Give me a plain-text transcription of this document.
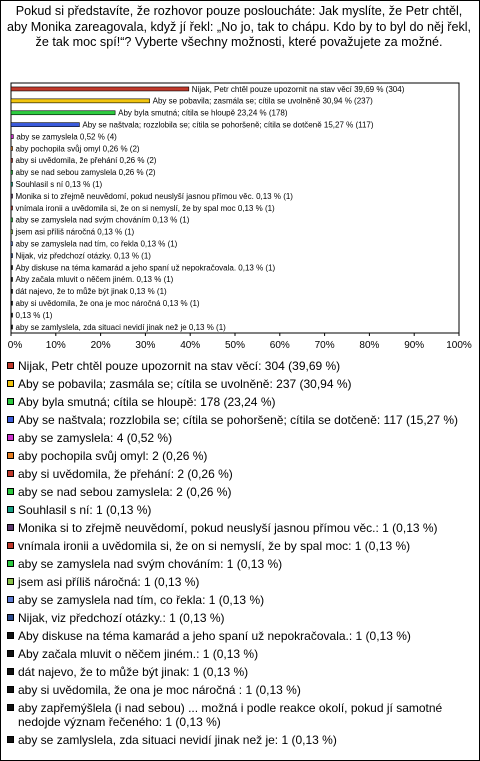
Pokud si představíte, že rozhovor pouze posloucháte: Jak myslíte, že Petr chtěl, aby Monika zareagovala, když jí řekl: „No jo, tak to chápu. Kdo by to byl do něj řekl, že tak moc spí!“? Vyberte všechny možnosti, které považujete za možné.
Nijak, Petr chtěl pouze upozornit na stav věcí 39,69 % (304)
Aby se pobavila; zasmála se; cítila se uvolněně 30,94 % (237)
Aby byla smutná; cítila se hloupě 23,24 % (178)
Aby se naštvala; rozzlobila se; cítila se pohoršeně; cítila se dotčeně 15,27 % (117)
aby se zamyslela 0,52 % (4)
aby pochopila svůj omyl 0,26 % (2)
aby si uvědomila, že přehání 0,26 % (2)
aby se nad sebou zamyslela 0,26 % (2)
Souhlasil s ní 0,13 % (1)
Monika si to zřejmě neuvědomí, pokud neuslyší jasnou přímou věc. 0,13 % (1)
vnímala ironii a uvědomila si, že on si nemyslí, že by spal moc 0,13 % (1)
aby se zamyslela nad svým chováním 0,13 % (1)
jsem asi příliš náročná 0,13 % (1)
aby se zamyslela nad tím, co řekla 0,13 % (1)
Nijak, viz předchozí otázky. 0,13 % (1)
Aby diskuse na téma kamarád a jeho spaní už nepokračovala. 0,13 % (1)
Aby začala mluvit o něčem jiném. 0,13 % (1)
dát najevo, že to může být jinak 0,13 % (1)
aby si uvědomila, že ona je moc náročná 0,13 % (1)
0,13 % (1)
aby se zamlyslela, zda situaci nevidí jinak než je 0,13 % (1)
0% 10% 20% 30% 40% 50% 60% 70% 80% 90% 100%
Nijak, Petr chtěl pouze upozornit na stav věcí: 304 (39,69 %)
Aby se pobavila; zasmála se; cítila se uvolněně: 237 (30,94 %)
Aby byla smutná; cítila se hloupě: 178 (23,24 %)
Aby se naštvala; rozzlobila se; cítila se pohoršeně; cítila se dotčeně: 117 (15,27 %)
aby se zamyslela: 4 (0,52 %)
aby pochopila svůj omyl: 2 (0,26 %)
aby si uvědomila, že přehání: 2 (0,26 %)
aby se nad sebou zamyslela: 2 (0,26 %)
Souhlasil s ní: 1 (0,13 %)
Monika si to zřejmě neuvědomí, pokud neuslyší jasnou přímou věc.: 1 (0,13 %)
vnímala ironii a uvědomila si, že on si nemyslí, že by spal moc: 1 (0,13 %)
aby se zamyslela nad svým chováním: 1 (0,13 %)
jsem asi příliš náročná: 1 (0,13 %)
aby se zamyslela nad tím, co řekla: 1 (0,13 %)
Nijak, viz předchozí otázky.: 1 (0,13 %)
Aby diskuse na téma kamarád a jeho spaní už nepokračovala.: 1 (0,13 %)
Aby začala mluvit o něčem jiném.: 1 (0,13 %)
dát najevo, že to může být jinak: 1 (0,13 %)
aby si uvědomila, že ona je moc náročná : 1 (0,13 %)
aby zapřemýšlela (i nad sebou) ... možná i podle reakce okolí, pokud jí samotné nedojde význam řečeného: 1 (0,13 %)
aby se zamlyslela, zda situaci nevidí jinak než je: 1 (0,13 %)
